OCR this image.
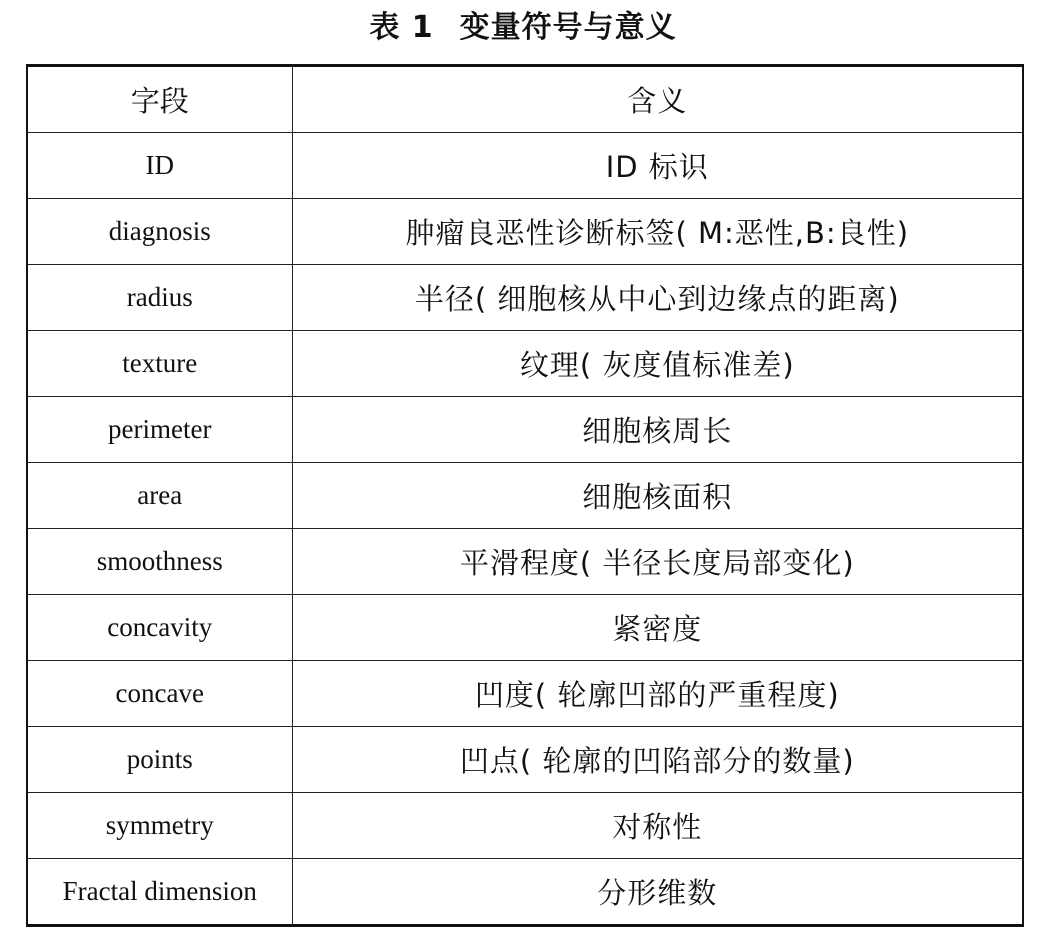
表 1 变量符号与意义
字段	含义
ID	ID 标识
diagnosis	肿瘤良恶性诊断标签( M:恶性,B:良性)
radius	半径( 细胞核从中心到边缘点的距离)
texture	纹理( 灰度值标准差)
perimeter	细胞核周长
area	细胞核面积
smoothness	平滑程度( 半径长度局部变化)
concavity	紧密度
concave	凹度( 轮廓凹部的严重程度)
points	凹点( 轮廓的凹陷部分的数量)
symmetry	对称性
Fractal dimension	分形维数
